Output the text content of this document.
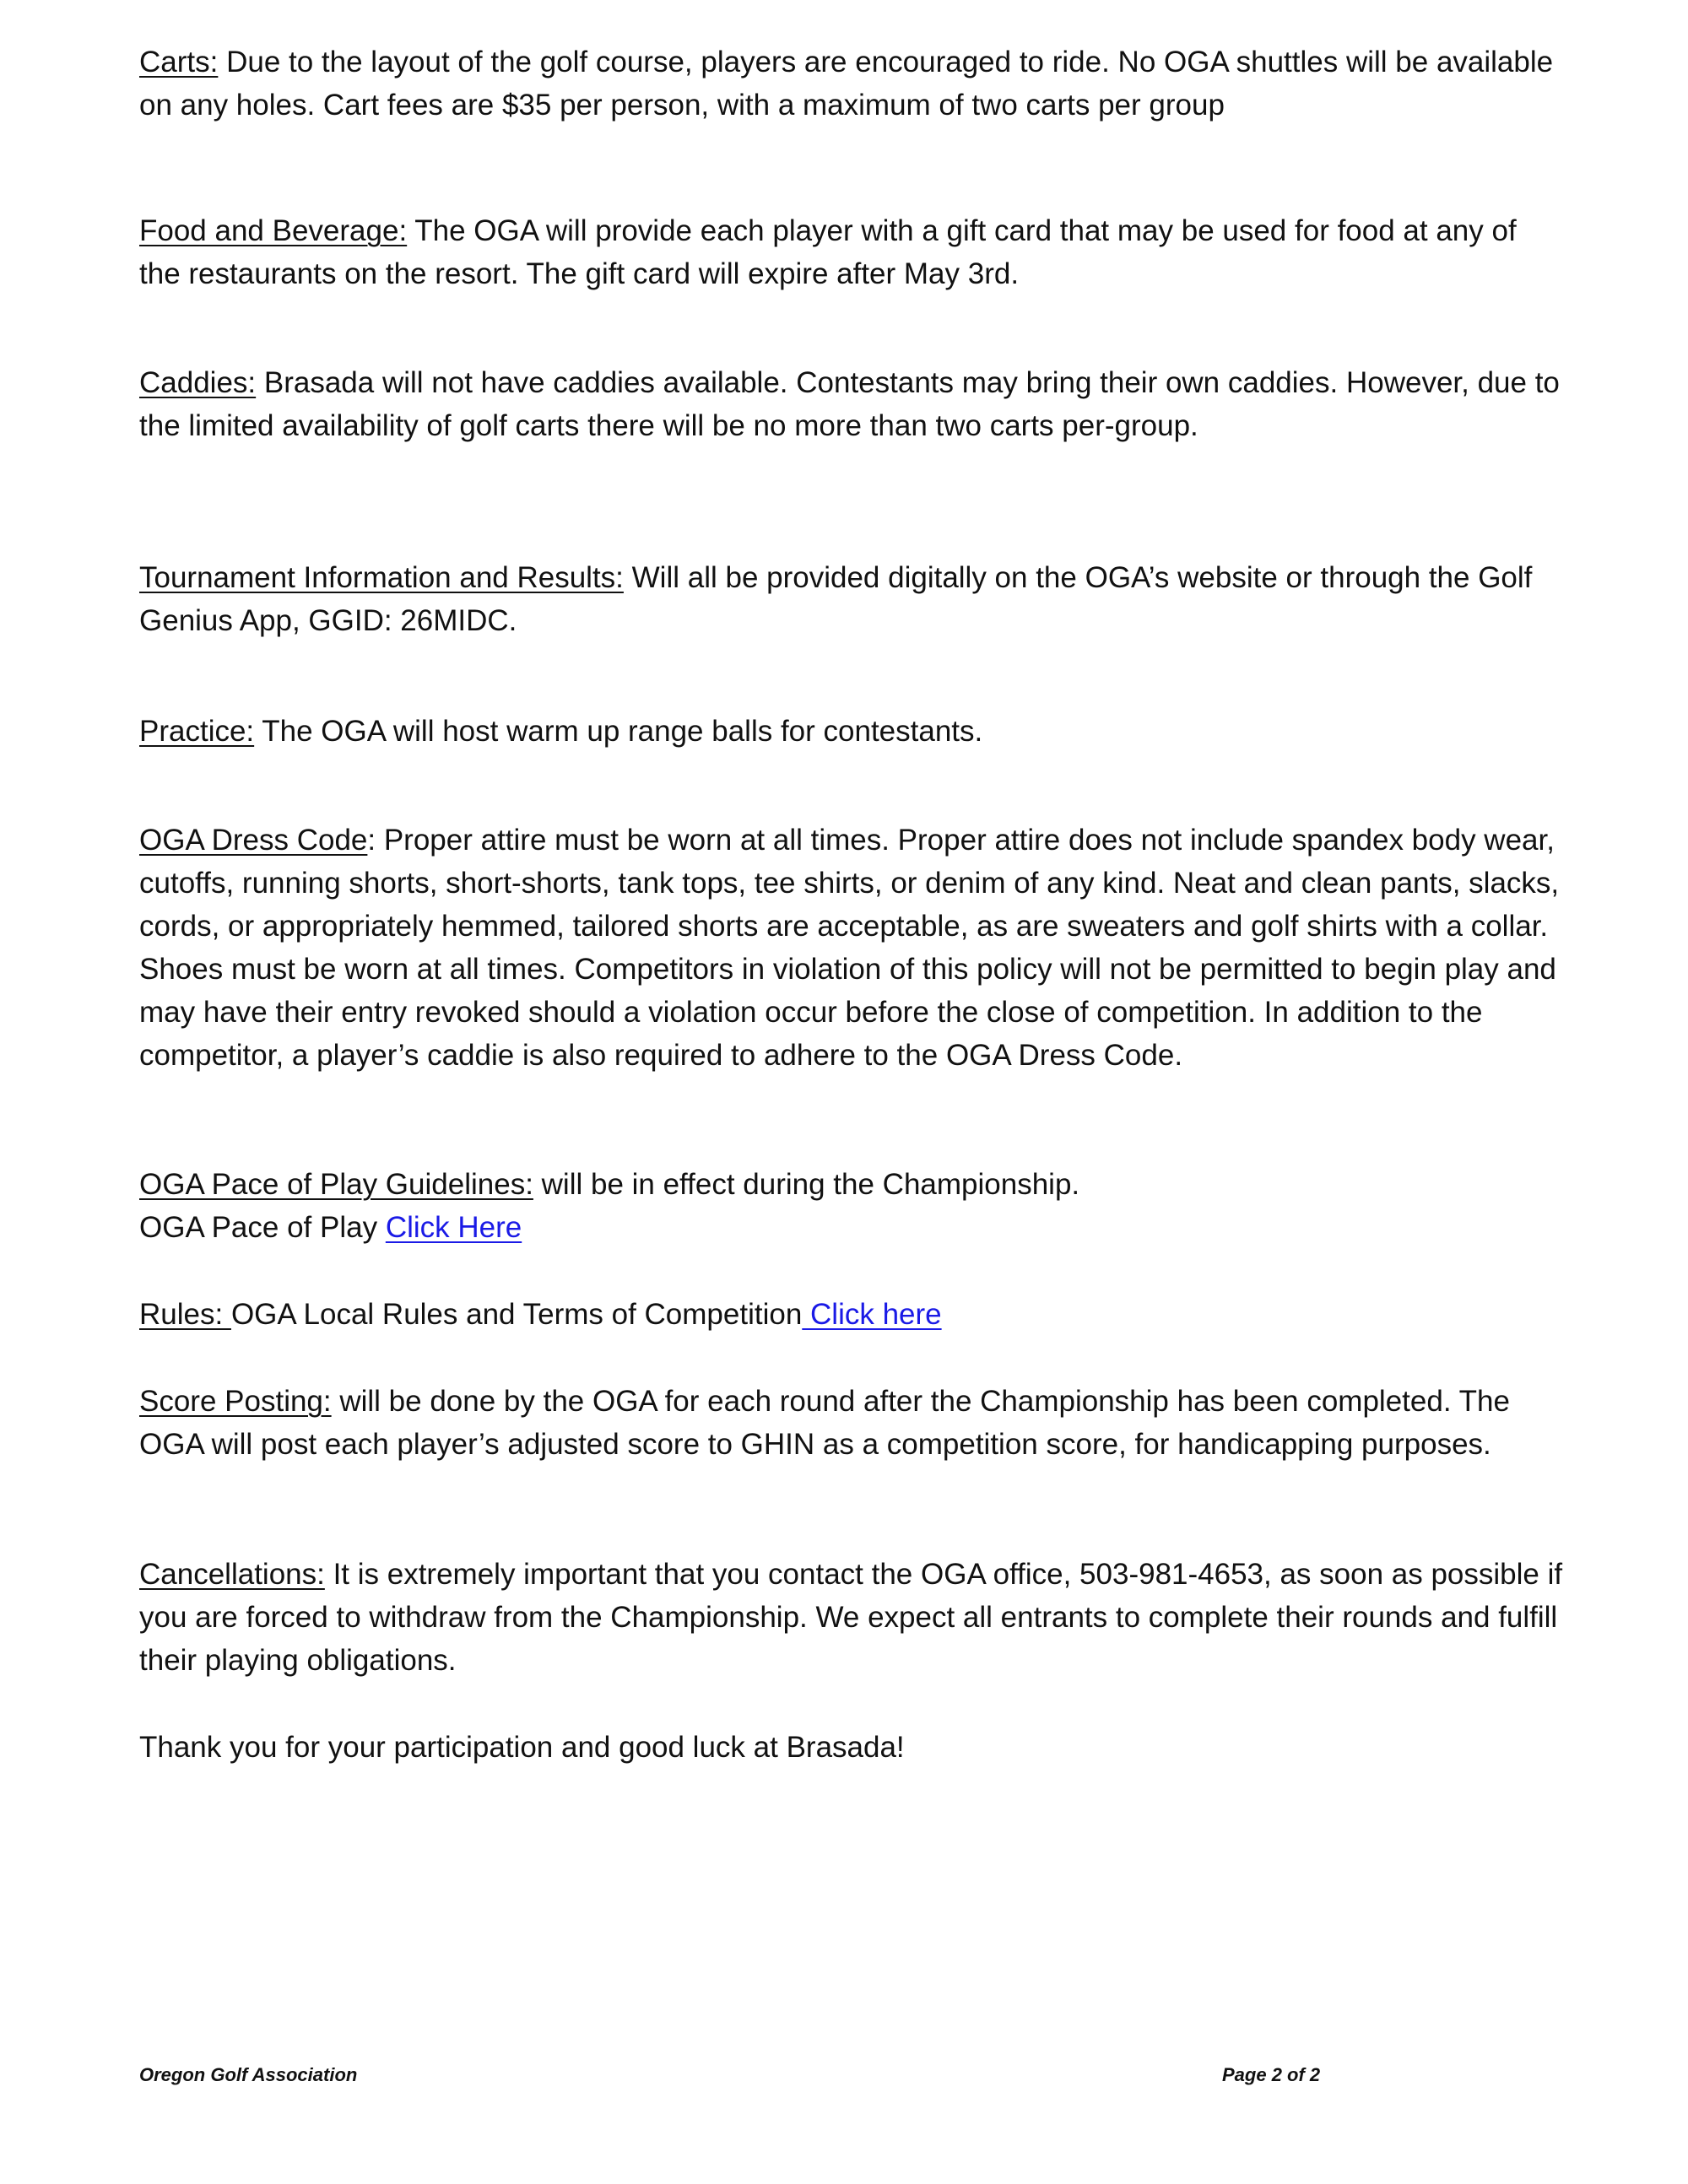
Carts: Due to the layout of the golf course, players are encouraged to ride. No OGA shuttles will be available on any holes. Cart fees are $35 per person, with a maximum of two carts per group

Food and Beverage: The OGA will provide each player with a gift card that may be used for food at any of the restaurants on the resort. The gift card will expire after May 3rd.

Caddies: Brasada will not have caddies available. Contestants may bring their own caddies. However, due to the limited availability of golf carts there will be no more than two carts per-group.

Tournament Information and Results: Will all be provided digitally on the OGA’s website or through the Golf Genius App, GGID: 26MIDC.

Practice: The OGA will host warm up range balls for contestants.

OGA Dress Code: Proper attire must be worn at all times. Proper attire does not include spandex body wear, cutoffs, running shorts, short-shorts, tank tops, tee shirts, or denim of any kind. Neat and clean pants, slacks, cords, or appropriately hemmed, tailored shorts are acceptable, as are sweaters and golf shirts with a collar. Shoes must be worn at all times. Competitors in violation of this policy will not be permitted to begin play and may have their entry revoked should a violation occur before the close of competition. In addition to the competitor, a player’s caddie is also required to adhere to the OGA Dress Code.

OGA Pace of Play Guidelines: will be in effect during the Championship.
OGA Pace of Play Click Here

Rules: OGA Local Rules and Terms of Competition Click here

Score Posting: will be done by the OGA for each round after the Championship has been completed. The OGA will post each player’s adjusted score to GHIN as a competition score, for handicapping purposes.

Cancellations: It is extremely important that you contact the OGA office, 503-981-4653, as soon as possible if you are forced to withdraw from the Championship. We expect all entrants to complete their rounds and fulfill their playing obligations.

Thank you for your participation and good luck at Brasada!

Oregon Golf Association	Page 2 of 2
